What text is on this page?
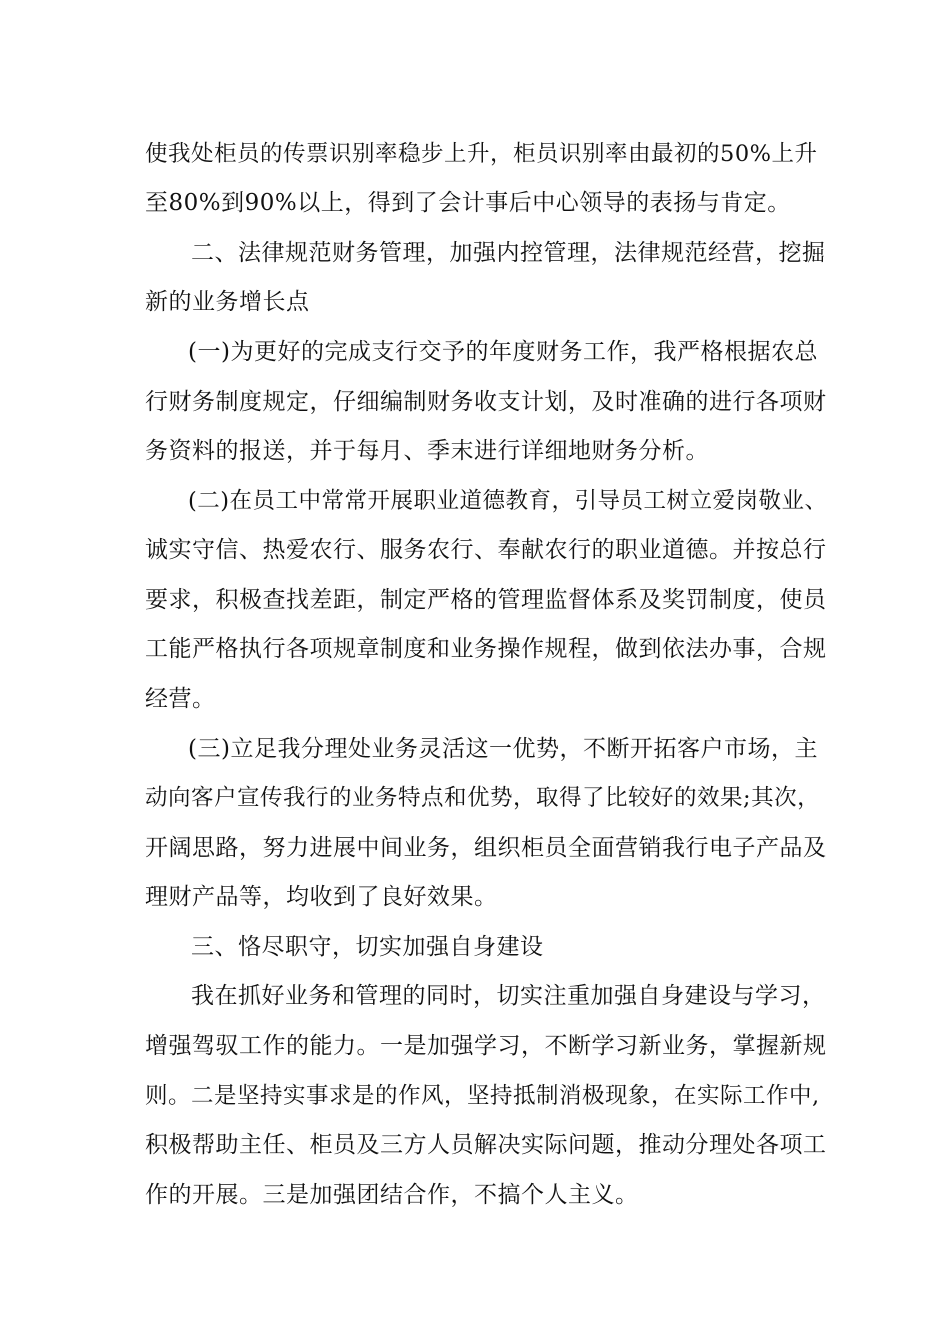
使我处柜员的传票识别率稳步上升，柜员识别率由最初的50%上升
至80%到90%以上，得到了会计事后中心领导的表扬与肯定。
二、法律规范财务管理，加强内控管理，法律规范经营，挖掘
新的业务增长点
(一)为更好的完成支行交予的年度财务工作，我严格根据农总
行财务制度规定，仔细编制财务收支计划，及时准确的进行各项财
务资料的报送，并于每月、季末进行详细地财务分析。
(二)在员工中常常开展职业道德教育，引导员工树立爱岗敬业、
诚实守信、热爱农行、服务农行、奉献农行的职业道德。并按总行
要求，积极查找差距，制定严格的管理监督体系及奖罚制度，使员
工能严格执行各项规章制度和业务操作规程，做到依法办事，合规
经营。
(三)立足我分理处业务灵活这一优势，不断开拓客户市场，主
动向客户宣传我行的业务特点和优势，取得了比较好的效果;其次，
开阔思路，努力进展中间业务，组织柜员全面营销我行电子产品及
理财产品等，均收到了良好效果。
三、恪尽职守，切实加强自身建设
我在抓好业务和管理的同时，切实注重加强自身建设与学习，
增强驾驭工作的能力。一是加强学习，不断学习新业务，掌握新规
则。二是坚持实事求是的作风，坚持抵制消极现象，在实际工作中,
积极帮助主任、柜员及三方人员解决实际问题，推动分理处各项工
作的开展。三是加强团结合作，不搞个人主义。
